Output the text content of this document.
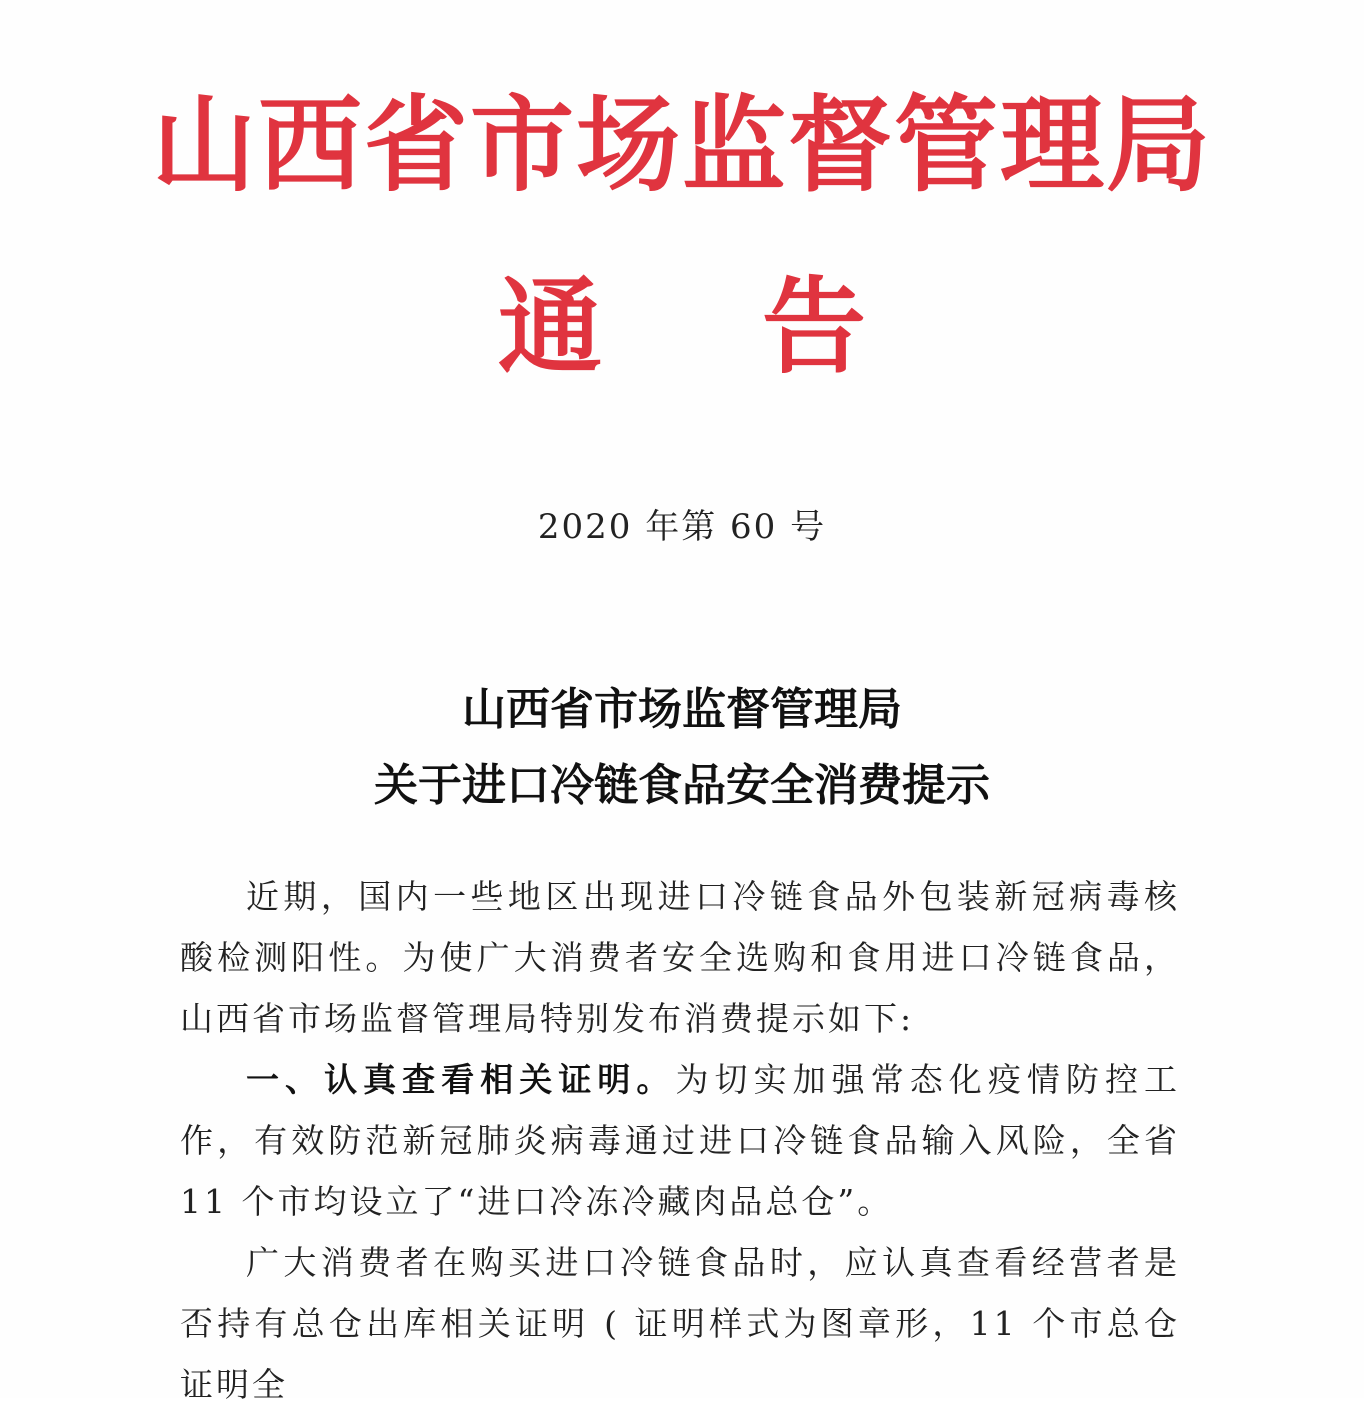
山西省市场监督管理局
通告
2020 年第 60 号
山西省市场监督管理局
关于进口冷链食品安全消费提示

近期，国内一些地区出现进口冷链食品外包装新冠病毒核酸检测阳性。为使广大消费者安全选购和食用进口冷链食品，山西省市场监督管理局特别发布消费提示如下:

一、认真查看相关证明。为切实加强常态化疫情防控工作，有效防范新冠肺炎病毒通过进口冷链食品输入风险，全省 11 个市均设立了“进口冷冻冷藏肉品总仓”。

广大消费者在购买进口冷链食品时，应认真查看经营者是否持有总仓出库相关证明 ( 证明样式为图章形，11 个市总仓证明全
